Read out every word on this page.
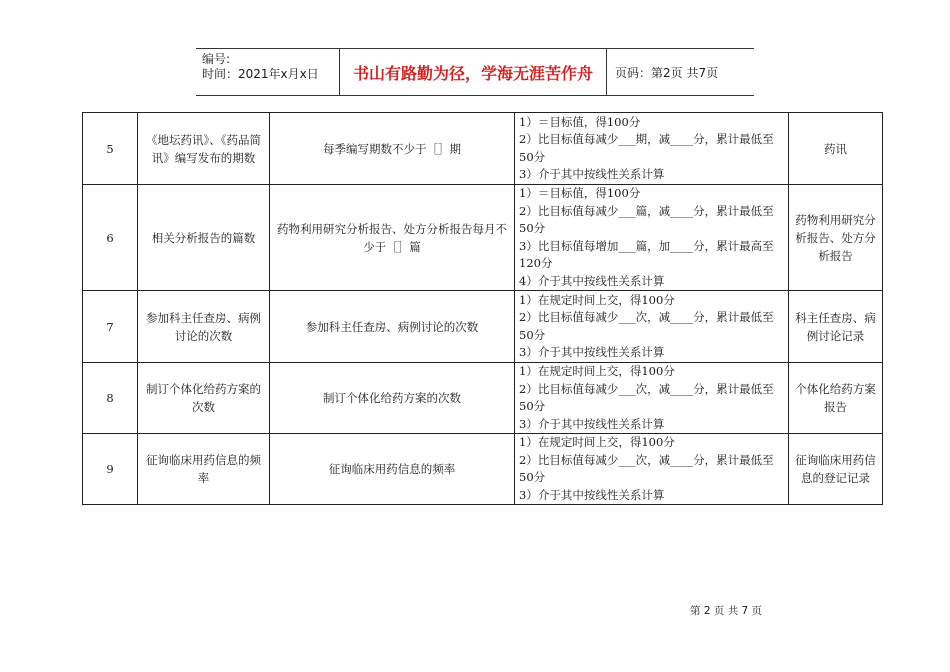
编号:
时间：2021年x月x日	书山有路勤为径，学海无涯苦作舟	页码：第2页 共7页
5	《地坛药讯》、《药品简讯》编写发布的期数	每季编写期数不少于［］期	1）＝目标值，得100分
2）比目标值每减少___期，减____分，累计最低至50分
3）介于其中按线性关系计算	药讯
6	相关分析报告的篇数	药物利用研究分析报告、处方分析报告每月不少于［］篇	1）＝目标值，得100分
2）比目标值每减少___篇，减____分，累计最低至50分
3）比目标值每增加___篇，加____分，累计最高至120分
4）介于其中按线性关系计算	药物利用研究分析报告、处方分析报告
7	参加科主任查房、病例讨论的次数	参加科主任查房、病例讨论的次数	1）在规定时间上交，得100分
2）比目标值每减少___次，减____分，累计最低至50分
3）介于其中按线性关系计算	科主任查房、病例讨论记录
8	制订个体化给药方案的次数	制订个体化给药方案的次数	1）在规定时间上交，得100分
2）比目标值每减少___次，减____分，累计最低至50分
3）介于其中按线性关系计算	个体化给药方案报告
9	征询临床用药信息的频率	征询临床用药信息的频率	1）在规定时间上交，得100分
2）比目标值每减少___次，减____分，累计最低至50分
3）介于其中按线性关系计算	征询临床用药信息的登记记录
第 2 页 共 7 页
